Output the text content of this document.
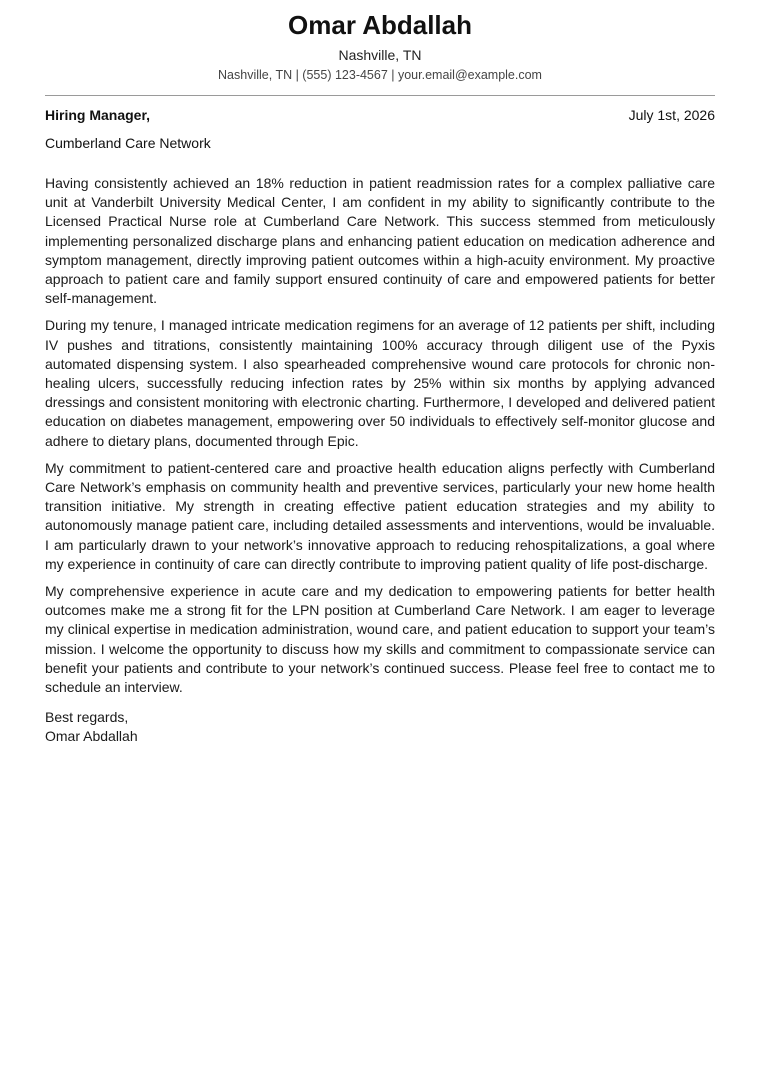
Omar Abdallah
Nashville, TN
Nashville, TN | (555) 123-4567 | your.email@example.com
Hiring Manager,	July 1st, 2026
Cumberland Care Network

Having consistently achieved an 18% reduction in patient readmission rates for a complex palliative care unit at Vanderbilt University Medical Center, I am confident in my ability to significantly contribute to the Licensed Practical Nurse role at Cumberland Care Network. This success stemmed from meticulously implementing personalized discharge plans and enhancing patient education on medication adherence and symptom management, directly improving patient outcomes within a high-acuity environment. My proactive approach to patient care and family support ensured continuity of care and empowered patients for better self-management.

During my tenure, I managed intricate medication regimens for an average of 12 patients per shift, including IV pushes and titrations, consistently maintaining 100% accuracy through diligent use of the Pyxis automated dispensing system. I also spearheaded comprehensive wound care protocols for chronic non-healing ulcers, successfully reducing infection rates by 25% within six months by applying advanced dressings and consistent monitoring with electronic charting. Furthermore, I developed and delivered patient education on diabetes management, empowering over 50 individuals to effectively self-monitor glucose and adhere to dietary plans, documented through Epic.

My commitment to patient-centered care and proactive health education aligns perfectly with Cumberland Care Network’s emphasis on community health and preventive services, particularly your new home health transition initiative. My strength in creating effective patient education strategies and my ability to autonomously manage patient care, including detailed assessments and interventions, would be invaluable. I am particularly drawn to your network’s innovative approach to reducing rehospitalizations, a goal where my experience in continuity of care can directly contribute to improving patient quality of life post-discharge.

My comprehensive experience in acute care and my dedication to empowering patients for better health outcomes make me a strong fit for the LPN position at Cumberland Care Network. I am eager to leverage my clinical expertise in medication administration, wound care, and patient education to support your team’s mission. I welcome the opportunity to discuss how my skills and commitment to compassionate service can benefit your patients and contribute to your network’s continued success. Please feel free to contact me to schedule an interview.

Best regards,
Omar Abdallah
